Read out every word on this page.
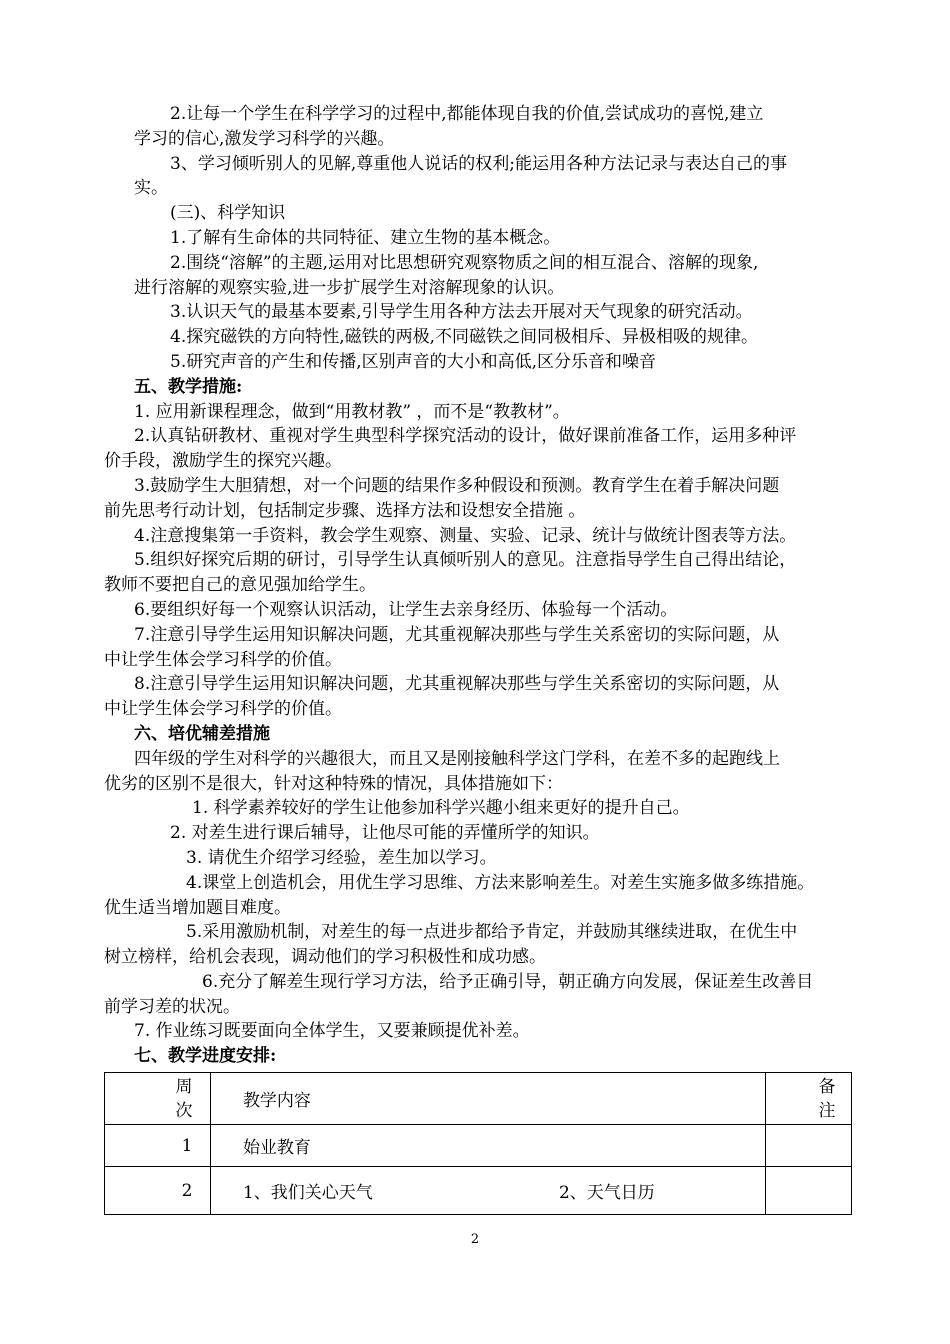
2.让每一个学生在科学学习的过程中,都能体现自我的价值,尝试成功的喜悦,建立

学习的信心,激发学习科学的兴趣。

3、学习倾听别人的见解,尊重他人说话的权利;能运用各种方法记录与表达自己的事

实。

(三)、科学知识

1.了解有生命体的共同特征、建立生物的基本概念。

2.围绕“溶解”的主题,运用对比思想研究观察物质之间的相互混合、溶解的现象,

进行溶解的观察实验,进一步扩展学生对溶解现象的认识。

3.认识天气的最基本要素,引导学生用各种方法去开展对天气现象的研究活动。

4.探究磁铁的方向特性,磁铁的两极,不同磁铁之间同极相斥、异极相吸的规律。

5.研究声音的产生和传播,区别声音的大小和高低,区分乐音和噪音

五、教学措施:

1. 应用新课程理念，做到“用教材教” ，而不是“教教材”。

2.认真钻研教材、重视对学生典型科学探究活动的设计，做好课前准备工作，运用多种评

价手段，激励学生的探究兴趣。

3.鼓励学生大胆猜想，对一个问题的结果作多种假设和预测。教育学生在着手解决问题

前先思考行动计划，包括制定步骤、选择方法和设想安全措施 。

4.注意搜集第一手资料，教会学生观察、测量、实验、记录、统计与做统计图表等方法。

5.组织好探究后期的研讨，引导学生认真倾听别人的意见。注意指导学生自己得出结论，

教师不要把自己的意见强加给学生。

6.要组织好每一个观察认识活动，让学生去亲身经历、体验每一个活动。

7.注意引导学生运用知识解决问题，尤其重视解决那些与学生关系密切的实际问题，从

中让学生体会学习科学的价值。

8.注意引导学生运用知识解决问题，尤其重视解决那些与学生关系密切的实际问题，从

中让学生体会学习科学的价值。

六、培优辅差措施

四年级的学生对科学的兴趣很大，而且又是刚接触科学这门学科，在差不多的起跑线上

优劣的区别不是很大，针对这种特殊的情况，具体措施如下：

1. 科学素养较好的学生让他参加科学兴趣小组来更好的提升自己。

2. 对差生进行课后辅导，让他尽可能的弄懂所学的知识。

3. 请优生介绍学习经验，差生加以学习。

4.课堂上创造机会，用优生学习思维、方法来影响差生。对差生实施多做多练措施。

优生适当增加题目难度。

5.采用激励机制，对差生的每一点进步都给予肯定，并鼓励其继续进取，在优生中

树立榜样，给机会表现，调动他们的学习积极性和成功感。

6.充分了解差生现行学习方法，给予正确引导，朝正确方向发展，保证差生改善目

前学习差的状况。

7. 作业练习既要面向全体学生，又要兼顾提优补差。

七、教学进度安排:

周
次	教学内容	备
注
1	始业教育	
2	1、我们关心天气 2、天气日历	

2
